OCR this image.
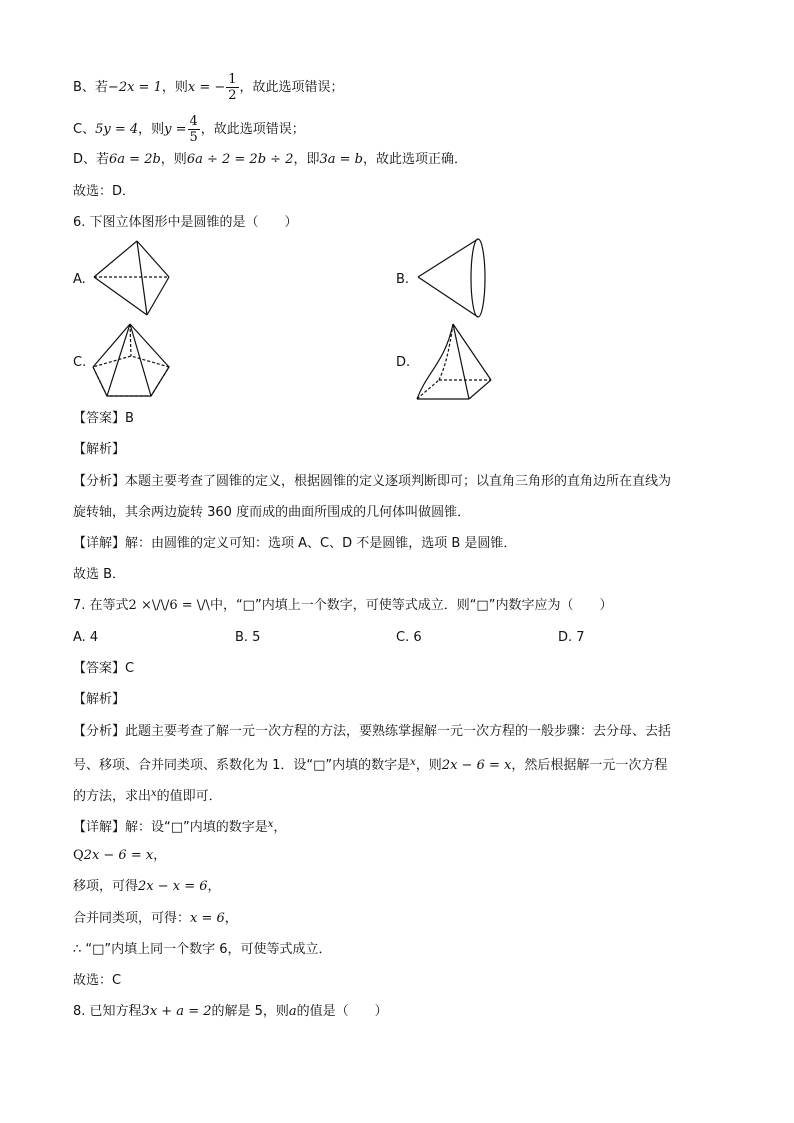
B、若−2x = 1，则x = − $\frac{1}{2}$ ，故此选项错误；
C、5y = 4，则$y = \frac{4}{5}$ ，故此选项错误；
D、若6a = 2b，则6a ÷ 2 = 2b ÷ 2，即3a = b，故此选项正确．
故选：D．
6. 下图立体图形中是圆锥的是（　　）
A.	B.
C.	D.
【答案】B
【解析】
【分析】本题主要考查了圆锥的定义，根据圆锥的定义逐项判断即可；以直角三角形的直角边所在直线为
旋转轴，其余两边旋转 360 度而成的曲面所围成的几何体叫做圆锥．
【详解】解：由圆锥的定义可知：选项 A、C、D 不是圆锥，选项 B 是圆锥．
故选 B．
7. 在等式2 ×\/\/6 = \/\中，“□”内填上一个数字，可使等式成立．则“□”内数字应为（　　）
A. 4	B. 5	C. 6	D. 7
【答案】C
【解析】
【分析】此题主要考查了解一元一次方程的方法，要熟练掌握解一元一次方程的一般步骤：去分母、去括
号、移项、合并同类项、系数化为 1．设“□”内填的数字是$^x$，则2x − 6 = x，然后根据解一元一次方程
的方法，求出$^x$的值即可．
【详解】解：设“□”内填的数字是$^x$，
Q2x − 6 = x，
移项，可得2x − x = 6，
合并同类项，可得：x = 6，
∴ “□”内填上同一个数字 6，可使等式成立．
故选：C
8. 已知方程3x + a = 2的解是 5，则a的值是（　　）
